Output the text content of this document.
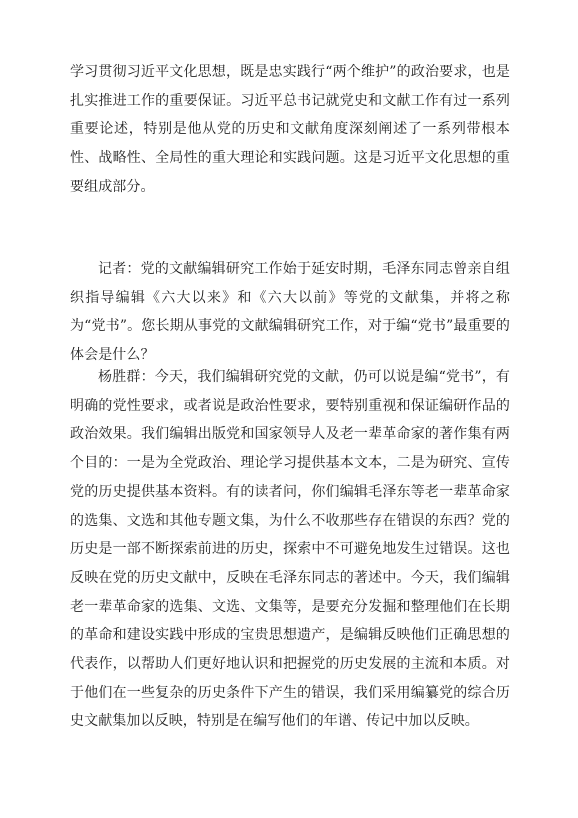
学习贯彻习近平文化思想，既是忠实践行“两个维护”的政治要求，也是扎实推进工作的重要保证。习近平总书记就党史和文献工作有过一系列重要论述，特别是他从党的历史和文献角度深刻阐述了一系列带根本性、战略性、全局性的重大理论和实践问题。这是习近平文化思想的重要组成部分。

记者：党的文献编辑研究工作始于延安时期，毛泽东同志曾亲自组织指导编辑《六大以来》和《六大以前》等党的文献集，并将之称为“党书”。您长期从事党的文献编辑研究工作，对于编“党书”最重要的体会是什么？

杨胜群：今天，我们编辑研究党的文献，仍可以说是编“党书”，有明确的党性要求，或者说是政治性要求，要特别重视和保证编研作品的政治效果。我们编辑出版党和国家领导人及老一辈革命家的著作集有两个目的：一是为全党政治、理论学习提供基本文本，二是为研究、宣传党的历史提供基本资料。有的读者问，你们编辑毛泽东等老一辈革命家的选集、文选和其他专题文集，为什么不收那些存在错误的东西？党的历史是一部不断探索前进的历史，探索中不可避免地发生过错误。这也反映在党的历史文献中，反映在毛泽东同志的著述中。今天，我们编辑老一辈革命家的选集、文选、文集等，是要充分发掘和整理他们在长期的革命和建设实践中形成的宝贵思想遗产，是编辑反映他们正确思想的代表作，以帮助人们更好地认识和把握党的历史发展的主流和本质。对于他们在一些复杂的历史条件下产生的错误，我们采用编纂党的综合历史文献集加以反映，特别是在编写他们的年谱、传记中加以反映。
